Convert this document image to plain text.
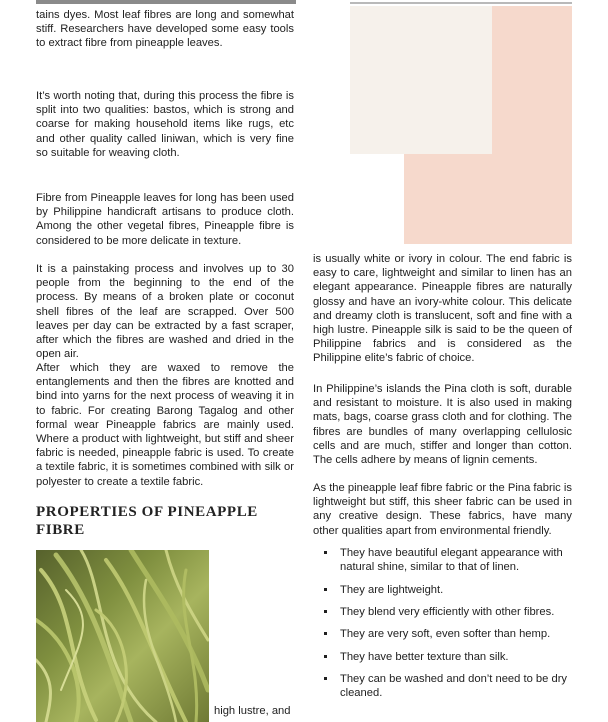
tains dyes. Most leaf fibres are long and somewhat stiff. Researchers have developed some easy tools to extract fibre from pineapple leaves.

It’s worth noting that, during this process the fibre is split into two qualities: bastos, which is strong and coarse for making household items like rugs, etc and other quality called liniwan, which is very fine so suitable for weaving cloth.

Fibre from Pineapple leaves for long has been used by Philippine handicraft artisans to produce cloth. Among the other vegetal fibres, Pineapple fibre is considered to be more delicate in texture.

It is a painstaking process and involves up to 30 people from the beginning to the end of the process. By means of a broken plate or coconut shell fibres of the leaf are scrapped. Over 500 leaves per day can be extracted by a fast scraper, after which the fibres are washed and dried in the open air.

After which they are waxed to remove the entanglements and then the fibres are knotted and bind into yarns for the next process of weaving it in to fabric. For creating Barong Tagalog and other formal wear Pineapple fabrics are mainly used. Where a product with lightweight, but stiff and sheer fabric is needed, pineapple fabric is used. To create a textile fabric, it is sometimes combined with silk or polyester to create a textile fabric.

PROPERTIES OF PINEAPPLE FIBRE

high lustre, and

is usually white or ivory in colour. The end fabric is easy to care, lightweight and similar to linen has an elegant appearance. Pineapple fibres are naturally glossy and have an ivory-white colour. This delicate and dreamy cloth is translucent, soft and fine with a high lustre. Pineapple silk is said to be the queen of Philippine fabrics and is considered as the Philippine elite’s fabric of choice.

In Philippine’s islands the Pina cloth is soft, durable and resistant to moisture. It is also used in making mats, bags, coarse grass cloth and for clothing. The fibres are bundles of many overlapping cellulosic cells and are much, stiffer and longer than cotton. The cells adhere by means of lignin cements.

As the pineapple leaf fibre fabric or the Pina fabric is lightweight but stiff, this sheer fabric can be used in any creative design. These fabrics, have many other qualities apart from environmental friendly.

They have beautiful elegant appearance with natural shine, similar to that of linen.
They are lightweight.
They blend very efficiently with other fibres.
They are very soft, even softer than hemp.
They have better texture than silk.
They can be washed and don’t need to be dry cleaned.
